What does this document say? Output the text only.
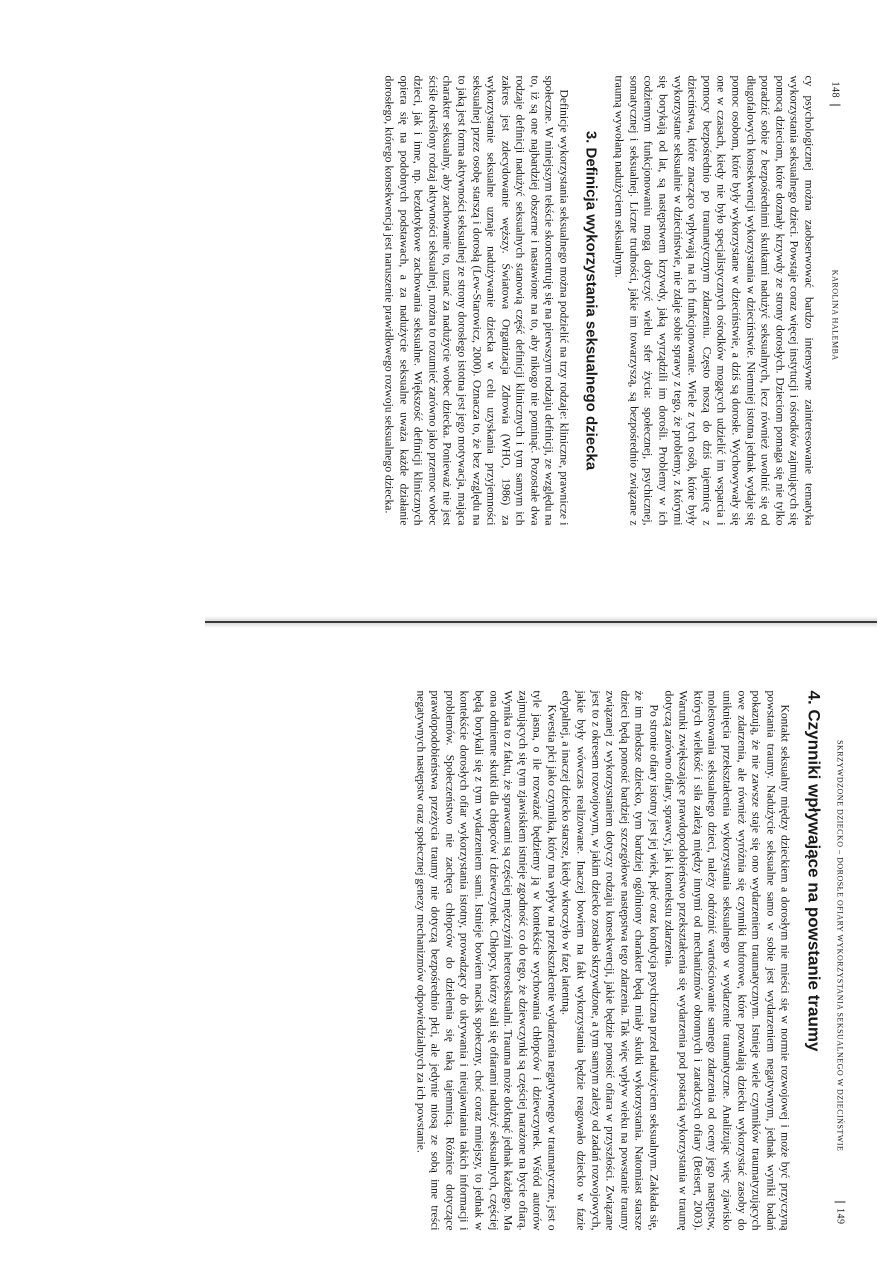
148
KAROLINA HALEMBA

cy psychologicznej można zaobserwować bardzo intensywne zainteresowanie tematyka wykorzystania seksualnego dzieci. Powstaje coraz więcej instytucji i ośrodków zajmujących się pomocą dzieciom, które doznały krzywdy ze strony dorosłych. Dzieciom pomaga się nie tylko poradzić sobie z bezpośrednimi skutkami nadużyć seksualnych, lecz również uwolnić się od długofalowych konsekwencji wykorzystania w dzieciństwie. Niemniej istotna jednak wydaje się pomoc osobom, które były wykorzystane w dzieciństwie, a dziś są dorosłe. Wychowywały się one w czasach, kiedy nie było specjalistycznych ośrodków mogących udzielić im wsparcia i pomocy bezpośrednio po traumatycznym zdarzeniu. Często noszą do dziś tajemnicę z dzieciństwa, które znacząco wpływają na ich funkcjonowanie. Wiele z tych osób, które były wykorzystane seksualnie w dzieciństwie, nie zdaje sobie sprawy z tego, że problemy, z którymi się borykają od lat, są następstwem krzywdy, jaką wyrządzili im dorośli. Problemy w ich codziennym funkcjonowaniu mogą dotyczyć wielu sfer życia: społecznej, psychicznej, somatycznej i seksualnej. Liczne trudności, jakie im towarzyszą, są bezpośrednio związane z traumą wywołaną nadużyciem seksualnym.

3. Definicja wykorzystania seksualnego dziecka

Definicje wykorzystania seksualnego można podzielić na trzy rodzaje: kliniczne, prawnicze i społeczne. W niniejszym tekście skoncentruję się na pierwszym rodzaju definicji, ze względu na to, iż są one najbardziej obszerne i nastawione na to, aby nikogo nie pominąć. Pozostałe dwa rodzaje definicji nadużyć seksualnych stanowią część definicji klinicznych i tym samym ich zakres jest zdecydowanie węższy. Światowa Organizacja Zdrowia (WHO, 1986) za wykorzystanie seksualne uznaje nadużywanie dziecka w celu uzyskania przyjemności seksualnej przez osobę starszą i dorosłą (Lew-Starowicz, 2000). Oznacza to, że bez względu na to jaką jest forma aktywności seksualnej ze strony dorosłego istotna jest jego motywacja, mająca charakter seksualny, aby zachowanie to, uznać za nadużycie wobec dziecka. Ponieważ nie jest ściśle określony rodzaj aktywności seksualnej, można to rozumieć zarówno jako przemoc wobec dzieci, jak i inne, np. bezdotykowe zachowania seksualne. Większość definicji klinicznych opiera się na podobnych podstawach, a za nadużycie seksualne uważa każde działanie dorosłego, którego konsekwencja jest naruszenie prawidłowego rozwoju seksualnego dziecka.

SKRZYWDZONE DZIECKO – DOROSŁE OFIARY WYKORZYSTANIA SEKSUALNEGO W DZIECIŃSTWIE
149
4. Czynniki wpływające na powstanie traumy

Kontakt seksualny między dzieckiem a dorosłym nie mieści się w normie rozwojowej i może być przyczyną powstania traumy. Nadużycie seksualne samo w sobie jest wydarzeniem negatywnym, jednak wyniki badań pokazują, że nie zawsze staje się ono wydarzeniem traumatycznym. Istnieje wiele czynników traumatyzujących owe zdarzenia, ale również wyróżnia się czynniki buforowe, które pozwalają dziecku wykorzystać zasoby do uniknięcia przekształcenia wykorzystania seksualnego w wydarzenie traumatyczne. Analizując więc zjawisko molestowania seksualnego dzieci, należy odróżnić wartościowanie samego zdarzenia od oceny jego następstw, których wielkość i siła zależą między innymi od mechanizmów obronnych i zaradczych ofiary (Beisert, 2003). Warunki zwiększające prawdopodobieństwo przekształcenia się wydarzenia pod postacią wykorzystania w traumę dotyczą zarówno ofiary, sprawcy, jak i kontekstu zdarzenia.

Po stronie ofiary istotny jest jej wiek, płeć oraz kondycja psychiczna przed nadużyciem seksualnym. Zakłada się, że im młodsze dziecko, tym bardziej ogólniony charakter będą miały skutki wykorzystania. Natomiast starsze dzieci będą ponosić bardziej szczegółowe następstwa tego zdarzenia. Tak więc wpływ wieku na powstanie traumy związanej z wykorzystaniem dotyczy rodzaju konsekwencji, jakie będzie ponosić ofiara w przyszłości. Związane jest to z okresem rozwojowym, w jakim dziecko zostało skrzywdzone, a tym samym zależy od zadań rozwojowych, jakie były wówczas realizowane. Inaczej bowiem na fakt wykorzystania będzie reagowało dziecko w fazie edypalnej, a inaczej dziecko starsze, kiedy wkroczyło w fazę latentną.

Kwestia płci jako czynnika, który ma wpływ na przekształcenie wydarzenia negatywnego w traumatyczne, jest o tyle jasna, o ile rozważać będziemy ją w kontekście wychowania chłopców i dziewczynek. Wśród autorów zajmujących się tym zjawiskiem istnieje zgodność co do tego, że dziewczynki są częściej narażone na bycie ofiarą. Wynika to z faktu, że sprawcami są częściej mężczyźni heteroseksualni. Trauma może dotknąć jednak każdego. Ma ona odmienne skutki dla chłopców i dziewczynek. Chłopcy, którzy stali się ofiarami nadużyć seksualnych, częściej będą borykali się z tym wydarzeniem sami. Istnieje bowiem nacisk społeczny, choć coraz mniejszy, to jednak w kontekście dorosłych ofiar wykorzystania istotny, prowadzący do ukrywania i nieujawniania takich informacji i problemów. Społeczeństwo nie zachęca chłopców do dzielenia się taką tajemnicą. Różnice dotyczące prawdopodobieństwa przeżycia traumy nie dotyczą bezpośrednio płci, ale jedynie niosą ze sobą inne treści negatywnych następstw oraz społecznej genezy mechanizmów odpowiedzialnych za ich powstanie.
